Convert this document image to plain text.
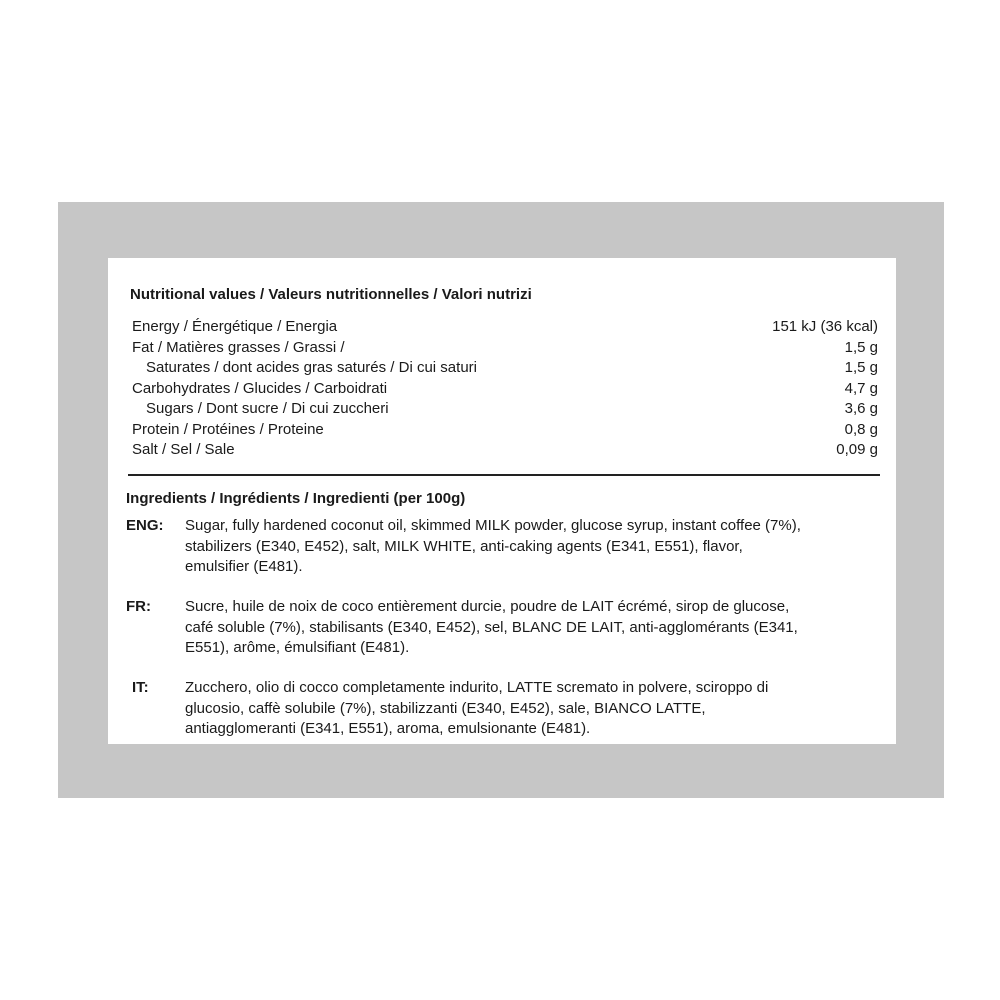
Nutritional values / Valeurs nutritionnelles / Valori nutrizi
Energy / Énergétique / Energia	151 kJ (36 kcal)
Fat / Matières grasses / Grassi /	1,5 g
Saturates / dont acides gras saturés / Di cui saturi	1,5 g
Carbohydrates / Glucides / Carboidrati	4,7 g
Sugars / Dont sucre / Di cui zuccheri	3,6 g
Protein / Protéines / Proteine	0,8 g
Salt / Sel / Sale	0,09 g
Ingredients / Ingrédients / Ingredienti (per 100g)
ENG:	Sugar, fully hardened coconut oil, skimmed MILK powder, glucose syrup, instant coffee (7%),
stabilizers (E340, E452), salt, MILK WHITE, anti-caking agents (E341, E551), flavor,
emulsifier (E481).
FR:	Sucre, huile de noix de coco entièrement durcie, poudre de LAIT écrémé, sirop de glucose,
café soluble (7%), stabilisants (E340, E452), sel, BLANC DE LAIT, anti-agglomérants (E341,
E551), arôme, émulsifiant (E481).
IT:	Zucchero, olio di cocco completamente indurito, LATTE scremato in polvere, sciroppo di
glucosio, caffè solubile (7%), stabilizzanti (E340, E452), sale, BIANCO LATTE,
antiagglomeranti (E341, E551), aroma, emulsionante (E481).
